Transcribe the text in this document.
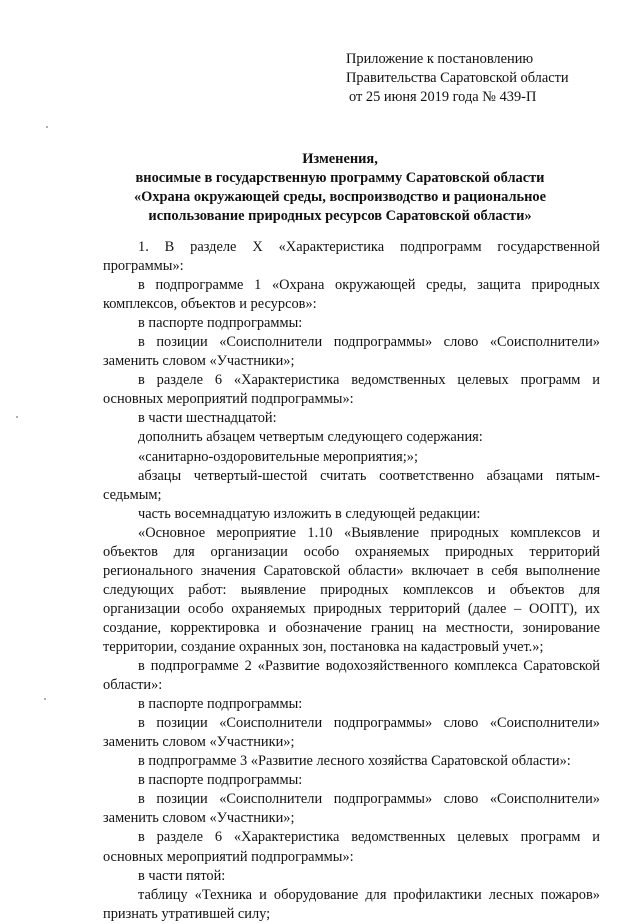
Приложение к постановлению
Правительства Саратовской области
от 25 июня 2019 года № 439-П
Изменения,
вносимые в государственную программу Саратовской области
«Охрана окружающей среды, воспроизводство и рациональное
использование природных ресурсов Саратовской области»

1. В разделе X «Характеристика подпрограмм государственной программы»:

в подпрограмме 1 «Охрана окружающей среды, защита природных комплексов, объектов и ресурсов»:

в паспорте подпрограммы:

в позиции «Соисполнители подпрограммы» слово «Соисполнители» заменить словом «Участники»;

в разделе 6 «Характеристика ведомственных целевых программ и основных мероприятий подпрограммы»:

в части шестнадцатой:

дополнить абзацем четвертым следующего содержания:

«санитарно-оздоровительные мероприятия;»;

абзацы четвертый-шестой считать соответственно абзацами пятым-седьмым;

часть восемнадцатую изложить в следующей редакции:

«Основное мероприятие 1.10 «Выявление природных комплексов и объектов для организации особо охраняемых природных территорий регионального значения Саратовской области» включает в себя выполнение следующих работ: выявление природных комплексов и объектов для организации особо охраняемых природных территорий (далее – ООПТ), их создание, корректировка и обозначение границ на местности, зонирование территории, создание охранных зон, постановка на кадастровый учет.»;

в подпрограмме 2 «Развитие водохозяйственного комплекса Саратовской области»:

в паспорте подпрограммы:

в позиции «Соисполнители подпрограммы» слово «Соисполнители» заменить словом «Участники»;

в подпрограмме 3 «Развитие лесного хозяйства Саратовской области»:

в паспорте подпрограммы:

в позиции «Соисполнители подпрограммы» слово «Соисполнители» заменить словом «Участники»;

в разделе 6 «Характеристика ведомственных целевых программ и основных мероприятий подпрограммы»:

в части пятой:

таблицу «Техника и оборудование для профилактики лесных пожаров» признать утратившей силу;
